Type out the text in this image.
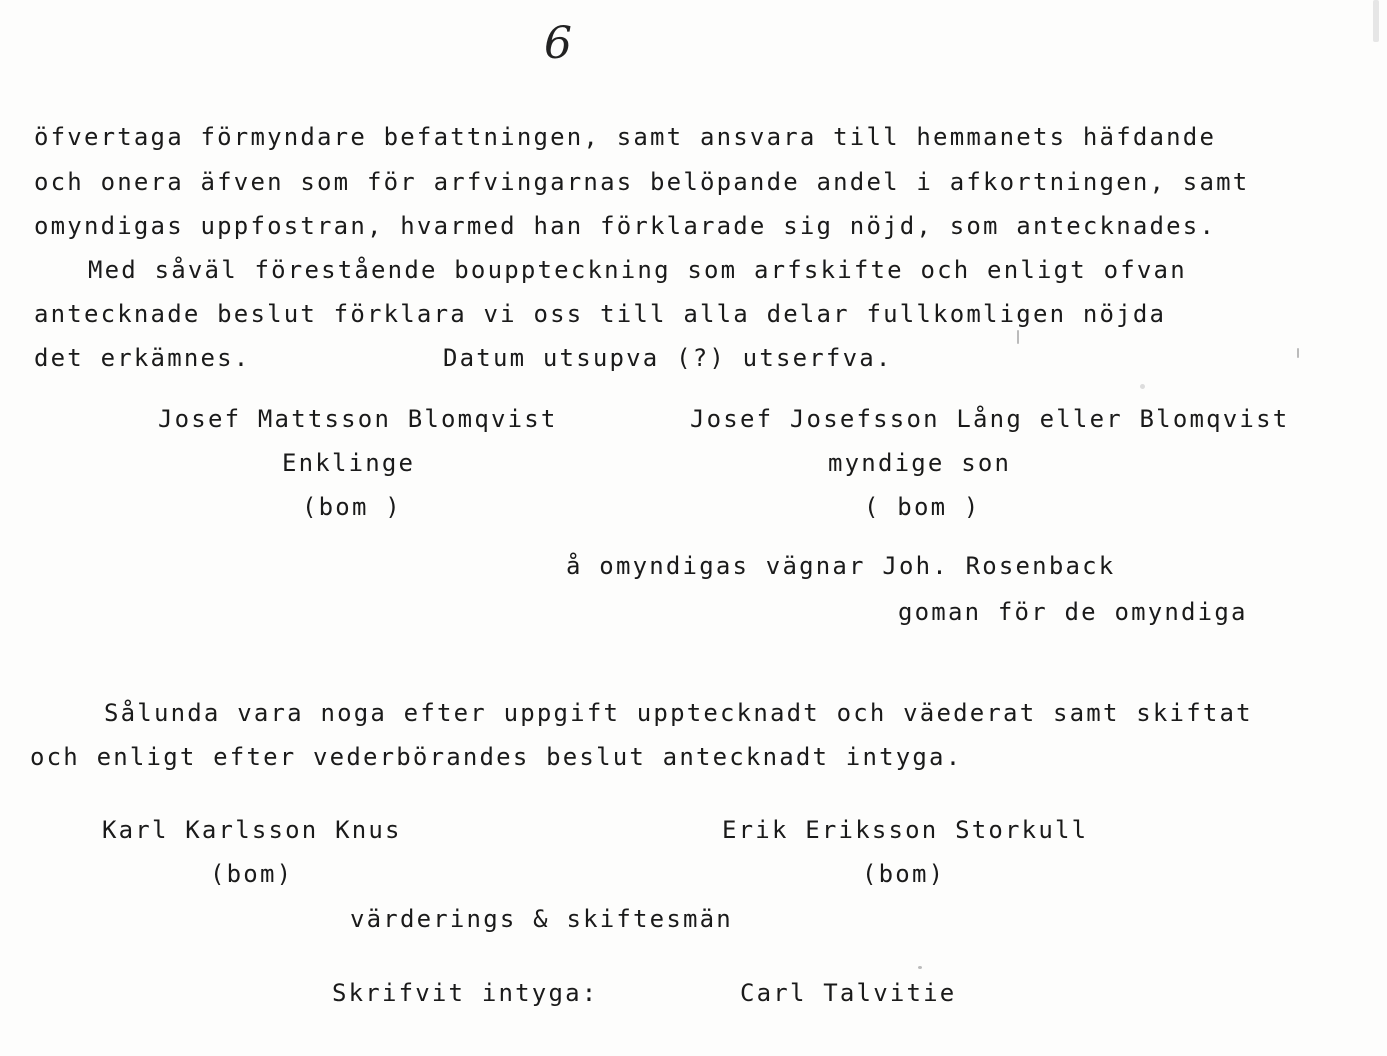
6
öfvertaga förmyndare befattningen, samt ansvara till hemmanets häfdande
och onera äfven som för arfvingarnas belöpande andel i afkortningen, samt
omyndigas uppfostran, hvarmed han förklarade sig nöjd, som antecknades.
Med såväl förestående bouppteckning som arfskifte och enligt ofvan
antecknade beslut förklara vi oss till alla delar fullkomligen nöjda
det erkämnes.	Datum utsupva (?) utserfva.
Josef Mattsson Blomqvist	Josef Josefsson Lång eller Blomqvist
Enklinge	myndige son
(bom )	( bom )
å omyndigas vägnar Joh. Rosenback
goman för de omyndiga
Sålunda vara noga efter uppgift upptecknadt och väederat samt skiftat
och enligt efter vederbörandes beslut antecknadt intyga.
Karl Karlsson Knus	Erik Eriksson Storkull
(bom)	(bom)
värderings & skiftesmän
Skrifvit intyga:	Carl Talvitie
